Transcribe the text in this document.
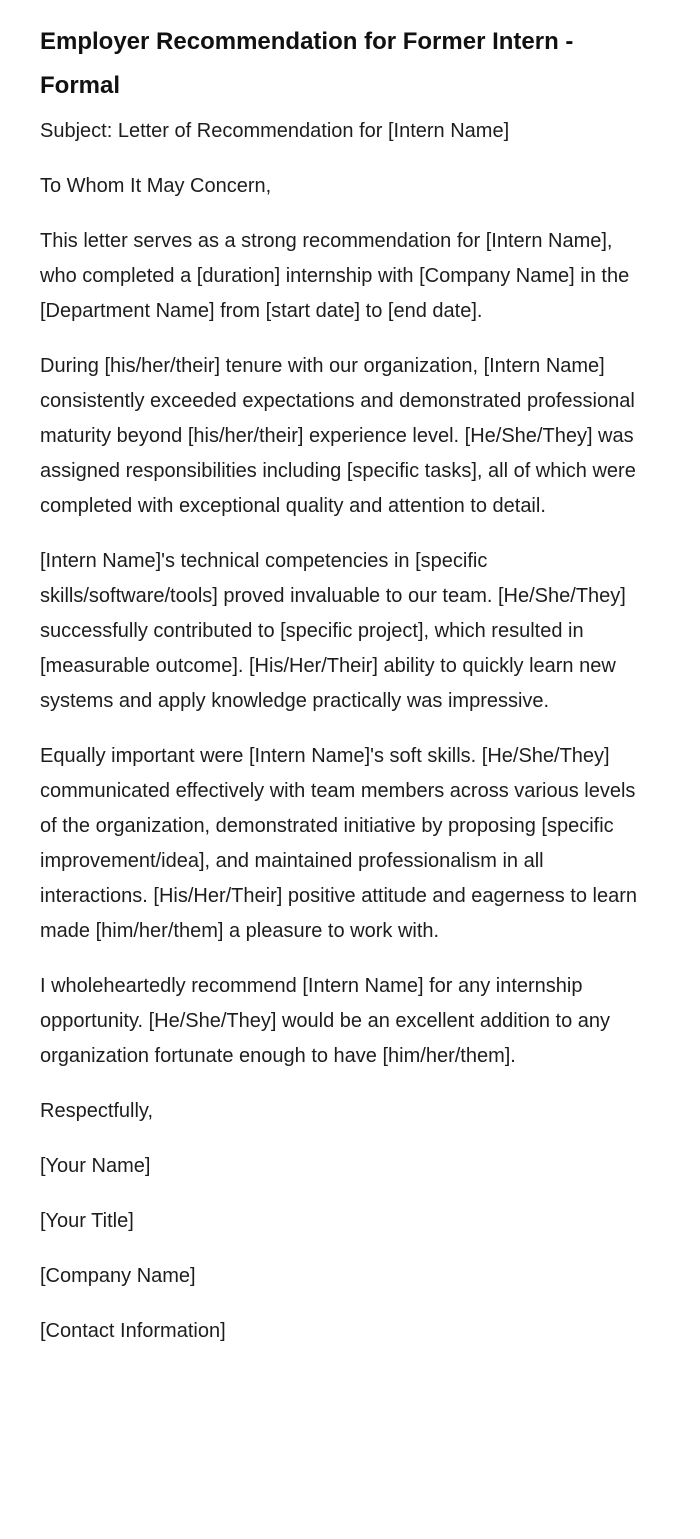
Employer Recommendation for Former Intern - Formal

Subject: Letter of Recommendation for [Intern Name]

To Whom It May Concern,

This letter serves as a strong recommendation for [Intern Name], who completed a [duration] internship with [Company Name] in the [Department Name] from [start date] to [end date].

During [his/her/their] tenure with our organization, [Intern Name] consistently exceeded expectations and demonstrated professional maturity beyond [his/her/their] experience level. [He/She/They] was assigned responsibilities including [specific tasks], all of which were completed with exceptional quality and attention to detail.

[Intern Name]'s technical competencies in [specific skills/software/tools] proved invaluable to our team. [He/She/They] successfully contributed to [specific project], which resulted in [measurable outcome]. [His/Her/Their] ability to quickly learn new systems and apply knowledge practically was impressive.

Equally important were [Intern Name]'s soft skills. [He/She/They] communicated effectively with team members across various levels of the organization, demonstrated initiative by proposing [specific improvement/idea], and maintained professionalism in all interactions. [His/Her/Their] positive attitude and eagerness to learn made [him/her/them] a pleasure to work with.

I wholeheartedly recommend [Intern Name] for any internship opportunity. [He/She/They] would be an excellent addition to any organization fortunate enough to have [him/her/them].

Respectfully,

[Your Name]

[Your Title]

[Company Name]

[Contact Information]
